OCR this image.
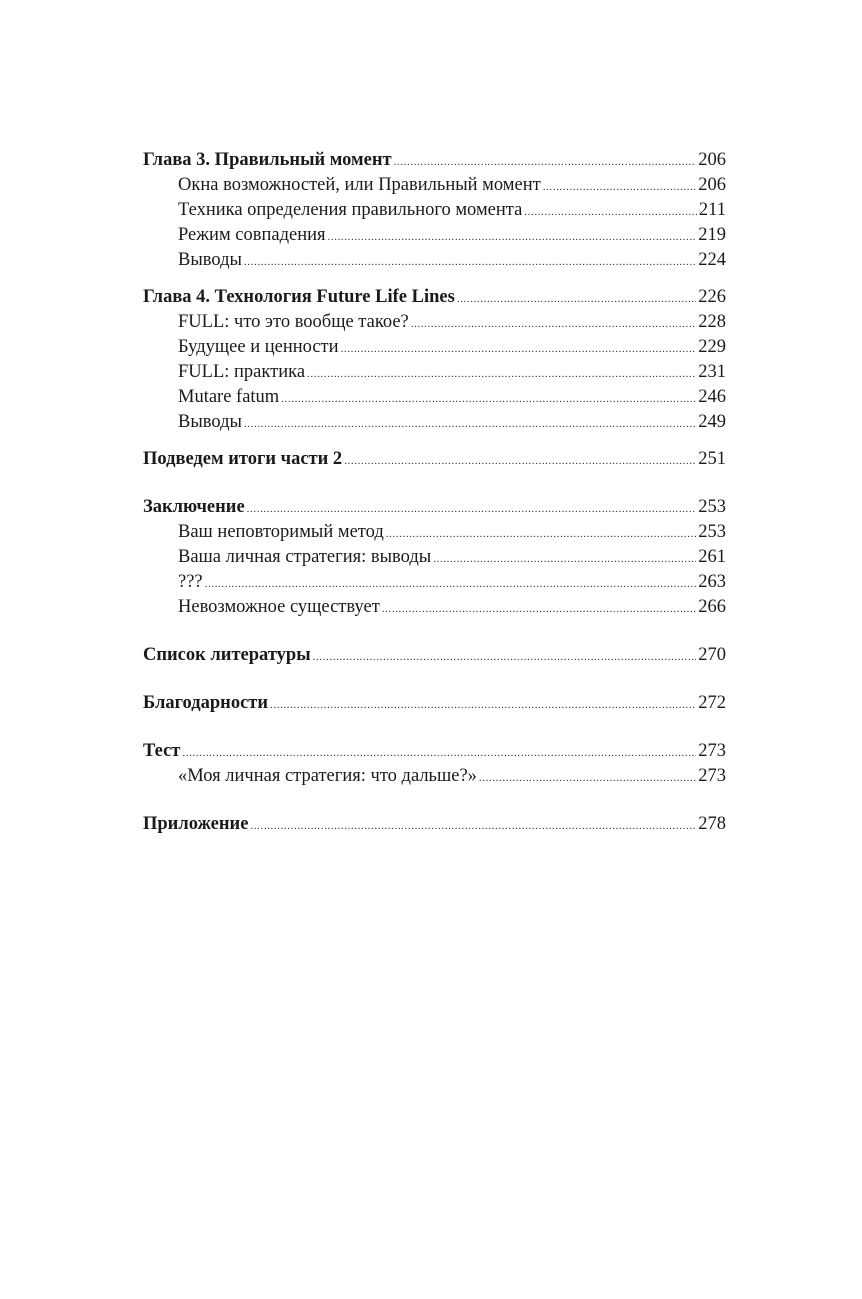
Глава 3. Правильный момент .....	206
Окна возможностей, или Правильный момент .....	206
Техника определения правильного момента .....	211
Режим совпадения .....	219
Выводы .....	224
Глава 4. Технология Future Life Lines .....	226
FULL: что это вообще такое? .....	228
Будущее и ценности .....	229
FULL: практика .....	231
Mutare fatum .....	246
Выводы .....	249
Подведем итоги части 2 .....	251
Заключение .....	253
Ваш неповторимый метод .....	253
Ваша личная стратегия: выводы .....	261
??? .....	263
Невозможное существует .....	266
Список литературы .....	270
Благодарности .....	272
Тест .....	273
«Моя личная стратегия: что дальше?» .....	273
Приложение .....	278
